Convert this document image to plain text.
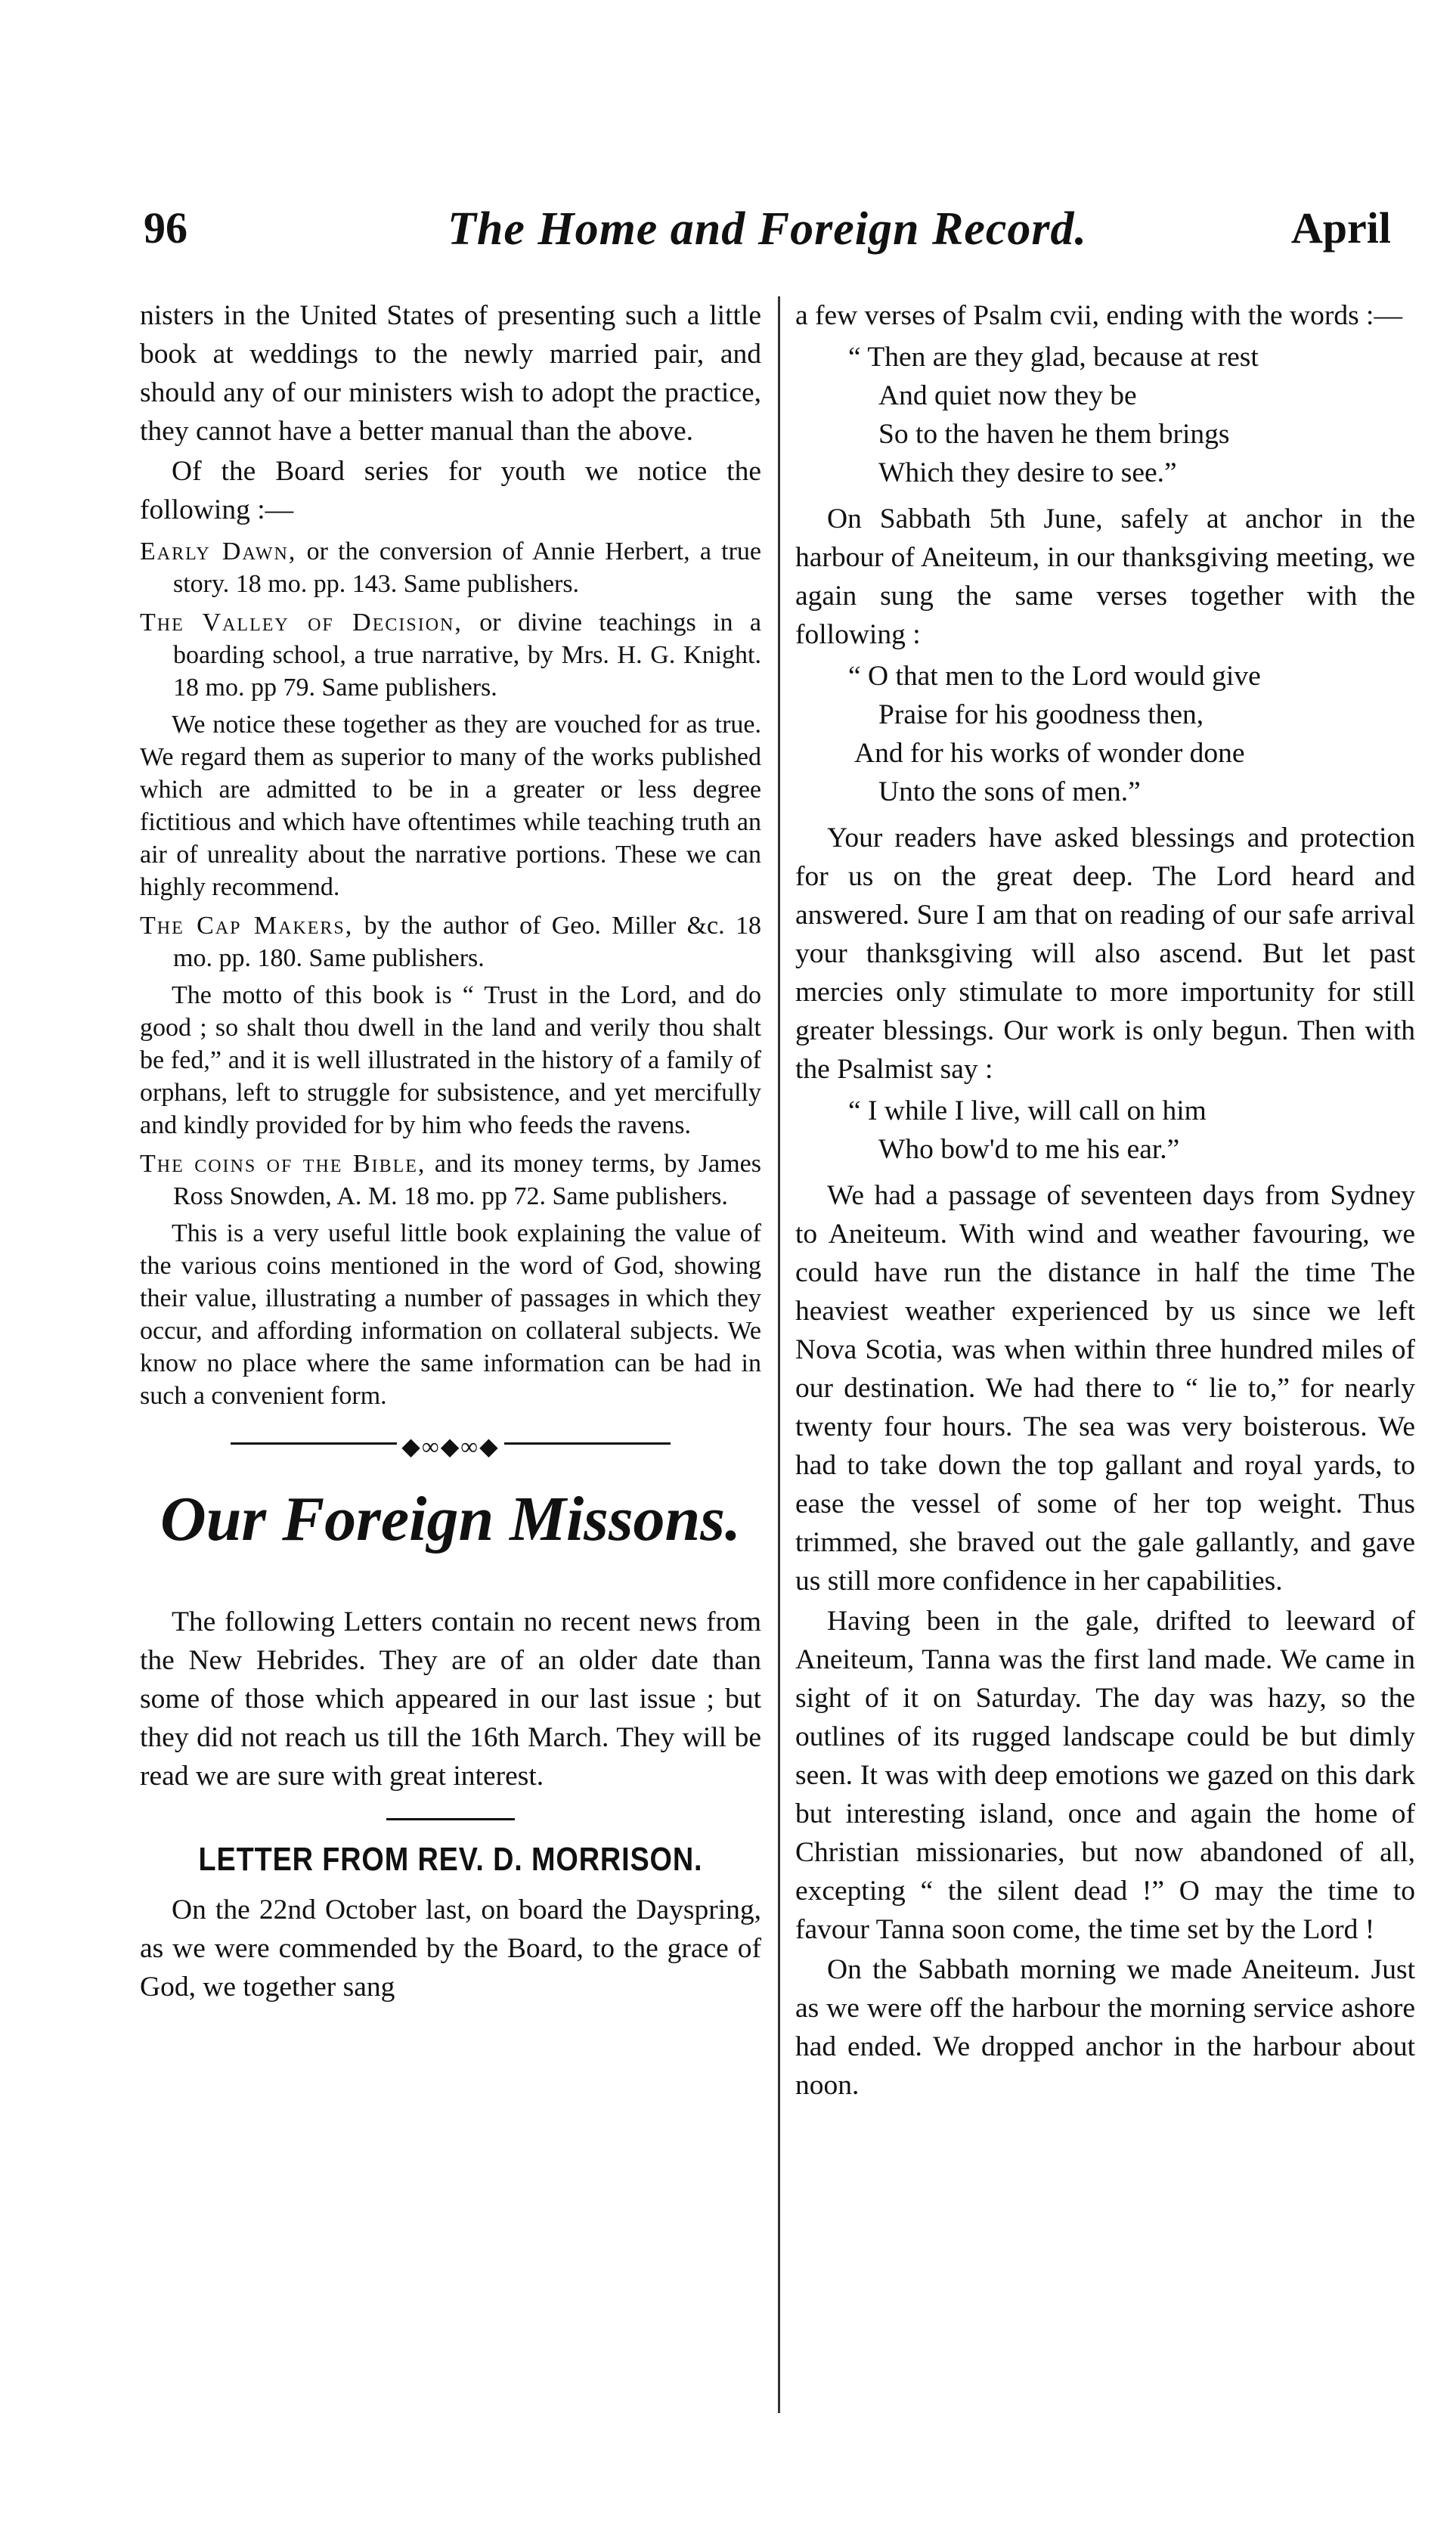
96	The Home and Foreign Record.	April

nisters in the United States of presenting such a little book at weddings to the newly married pair, and should any of our ministers wish to adopt the practice, they cannot have a better manual than the above.

Of the Board series for youth we notice the following :—

Early Dawn, or the conversion of Annie Herbert, a true story. 18 mo. pp. 143. Same publishers.

The Valley of Decision, or divine teachings in a boarding school, a true narrative, by Mrs. H. G. Knight. 18 mo. pp 79. Same publishers.

We notice these together as they are vouched for as true. We regard them as superior to many of the works published which are admitted to be in a greater or less degree fictitious and which have oftentimes while teaching truth an air of unreality about the narrative portions. These we can highly recommend.

The Cap Makers, by the author of Geo. Miller &c. 18 mo. pp. 180. Same publishers.

The motto of this book is “ Trust in the Lord, and do good ; so shalt thou dwell in the land and verily thou shalt be fed,” and it is well illustrated in the history of a family of orphans, left to struggle for subsistence, and yet mercifully and kindly provided for by him who feeds the ravens.

The coins of the Bible, and its money terms, by James Ross Snowden, A. M. 18 mo. pp 72. Same publishers.

This is a very useful little book explaining the value of the various coins mentioned in the word of God, showing their value, illustrating a number of passages in which they occur, and affording information on collateral subjects. We know no place where the same information can be had in such a convenient form.

◆∞◆∞◆
Our Foreign Missons.

The following Letters contain no recent news from the New Hebrides. They are of an older date than some of those which appeared in our last issue ; but they did not reach us till the 16th March. They will be read we are sure with great interest.

LETTER FROM REV. D. MORRISON.

On the 22nd October last, on board the Dayspring, as we were commended by the Board, to the grace of God, we together sang

a few verses of Psalm cvii, ending with the words :—

“ Then are they glad, because at rest
And quiet now they be
So to the haven he them brings
Which they desire to see.”

On Sabbath 5th June, safely at anchor in the harbour of Aneiteum, in our thanksgiving meeting, we again sung the same verses together with the following :

“ O that men to the Lord would give
Praise for his goodness then,
And for his works of wonder done
Unto the sons of men.”

Your readers have asked blessings and protection for us on the great deep. The Lord heard and answered. Sure I am that on reading of our safe arrival your thanksgiving will also ascend. But let past mercies only stimulate to more importunity for still greater blessings. Our work is only begun. Then with the Psalmist say :

“ I while I live, will call on him
Who bow'd to me his ear.”

We had a passage of seventeen days from Sydney to Aneiteum. With wind and weather favouring, we could have run the distance in half the time The heaviest weather experienced by us since we left Nova Scotia, was when within three hundred miles of our destination. We had there to “ lie to,” for nearly twenty four hours. The sea was very boisterous. We had to take down the top gallant and royal yards, to ease the vessel of some of her top weight. Thus trimmed, she braved out the gale gallantly, and gave us still more confidence in her capabilities.

Having been in the gale, drifted to leeward of Aneiteum, Tanna was the first land made. We came in sight of it on Saturday. The day was hazy, so the outlines of its rugged landscape could be but dimly seen. It was with deep emotions we gazed on this dark but interesting island, once and again the home of Christian missionaries, but now abandoned of all, excepting “ the silent dead !” O may the time to favour Tanna soon come, the time set by the Lord !

On the Sabbath morning we made Aneiteum. Just as we were off the harbour the morning service ashore had ended. We dropped anchor in the harbour about noon.
